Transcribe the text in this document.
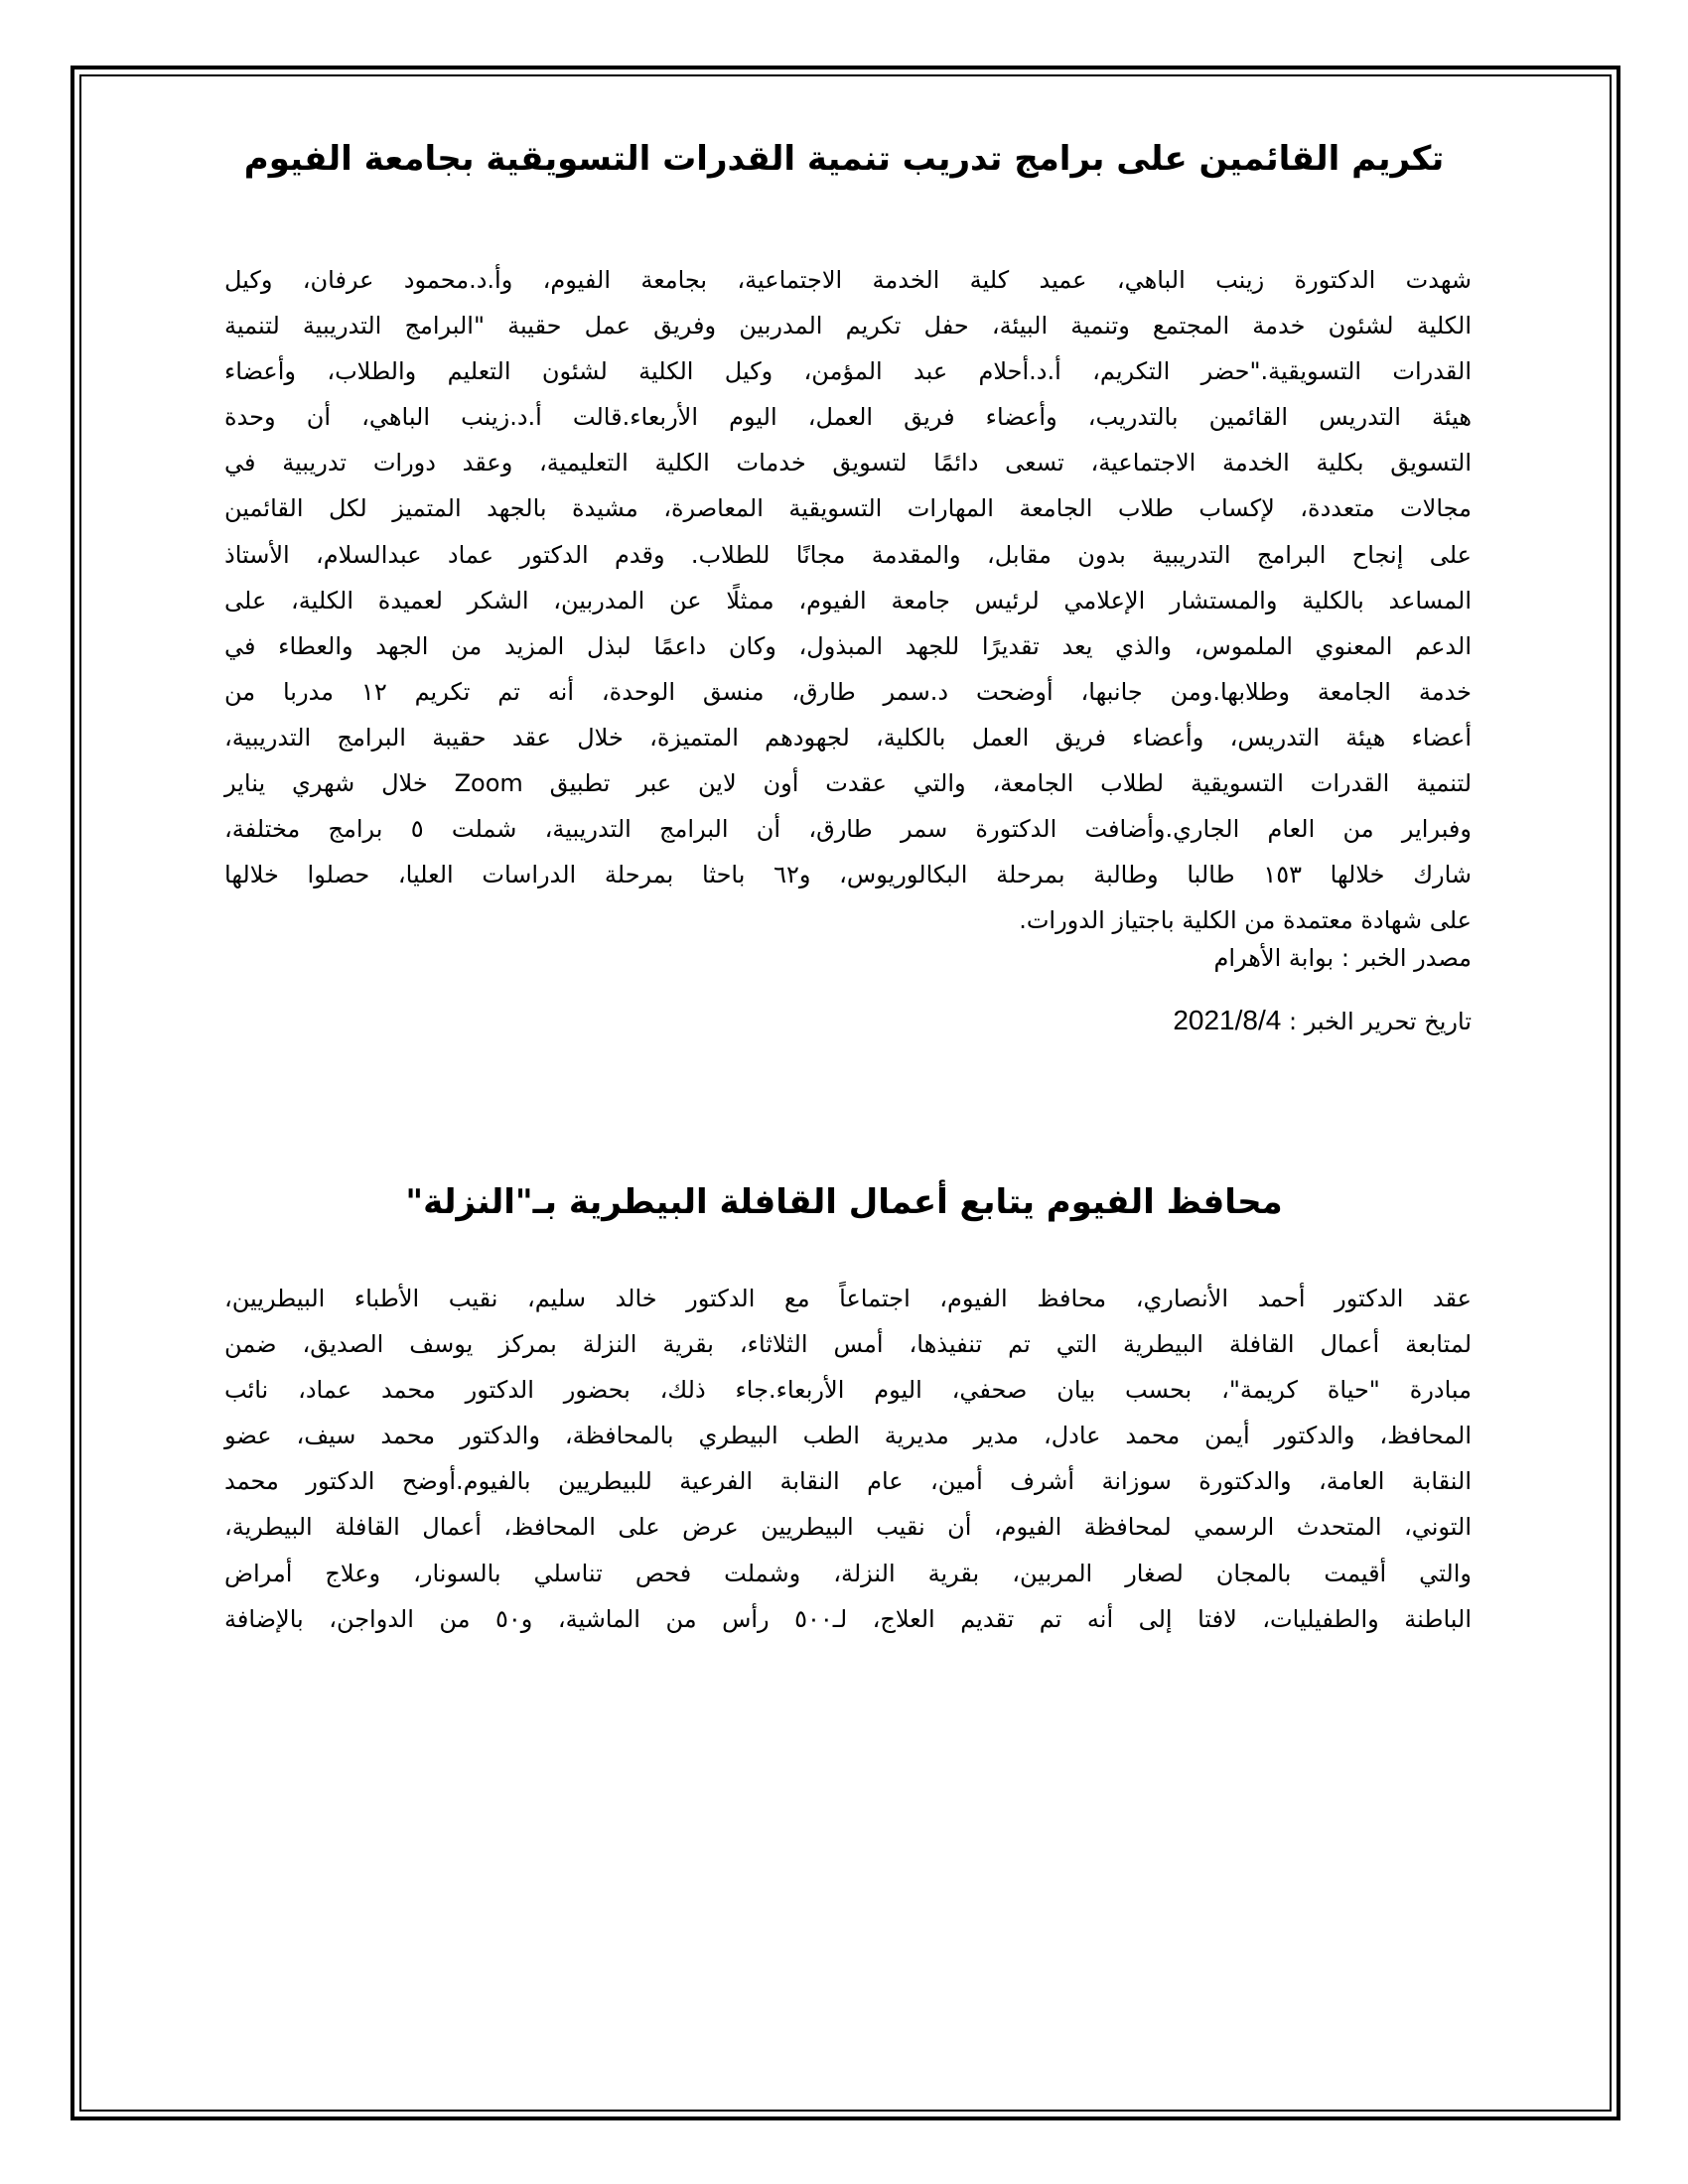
تكريم القائمين على برامج تدريب تنمية القدرات التسويقية بجامعة الفيوم
شهدت الدكتورة زينب الباهي، عميد كلية الخدمة الاجتماعية، بجامعة الفيوم، وأ.د.محمود عرفان، وكيل
الكلية لشئون خدمة المجتمع وتنمية البيئة، حفل تكريم المدربين وفريق عمل حقيبة "البرامج التدريبية لتنمية
القدرات التسويقية."حضر التكريم، أ.د.أحلام عبد المؤمن، وكيل الكلية لشئون التعليم والطلاب، وأعضاء
هيئة التدريس القائمين بالتدريب، وأعضاء فريق العمل، اليوم الأربعاء.قالت أ.د.زينب الباهي، أن وحدة
التسويق بكلية الخدمة الاجتماعية، تسعى دائمًا لتسويق خدمات الكلية التعليمية، وعقد دورات تدريبية في
مجالات متعددة، لإكساب طلاب الجامعة المهارات التسويقية المعاصرة، مشيدة بالجهد المتميز لكل القائمين
على إنجاح البرامج التدريبية بدون مقابل، والمقدمة مجانًا للطلاب. وقدم الدكتور عماد عبدالسلام، الأستاذ
المساعد بالكلية والمستشار الإعلامي لرئيس جامعة الفيوم، ممثلًا عن المدربين، الشكر لعميدة الكلية، على
الدعم المعنوي الملموس، والذي يعد تقديرًا للجهد المبذول، وكان داعمًا لبذل المزيد من الجهد والعطاء في
خدمة الجامعة وطلابها.ومن جانبها، أوضحت د.سمر طارق، منسق الوحدة، أنه تم تكريم ١٢ مدربا من
أعضاء هيئة التدريس، وأعضاء فريق العمل بالكلية، لجهودهم المتميزة، خلال عقد حقيبة البرامج التدريبية،
لتنمية القدرات التسويقية لطلاب الجامعة، والتي عقدت أون لاين عبر تطبيق Zoom خلال شهري يناير
وفبراير من العام الجاري.وأضافت الدكتورة سمر طارق، أن البرامج التدريبية، شملت ٥ برامج مختلفة،
شارك خلالها ١٥٣ طالبا وطالبة بمرحلة البكالوريوس، و٦٢ باحثا بمرحلة الدراسات العليا، حصلوا خلالها
على شهادة معتمدة من الكلية باجتياز الدورات.

مصدر الخبر : بوابة الأهرام

تاريخ تحرير الخبر : 2021/8/4

محافظ الفيوم يتابع أعمال القافلة البيطرية بـ"النزلة"
عقد الدكتور أحمد الأنصاري، محافظ الفيوم، اجتماعاً مع الدكتور خالد سليم، نقيب الأطباء البيطريين،
لمتابعة أعمال القافلة البيطرية التي تم تنفيذها، أمس الثلاثاء، بقرية النزلة بمركز يوسف الصديق، ضمن
مبادرة "حياة كريمة"، بحسب بيان صحفي، اليوم الأربعاء.جاء ذلك، بحضور الدكتور محمد عماد، نائب
المحافظ، والدكتور أيمن محمد عادل، مدير مديرية الطب البيطري بالمحافظة، والدكتور محمد سيف، عضو
النقابة العامة، والدكتورة سوزانة أشرف أمين، عام النقابة الفرعية للبيطريين بالفيوم.أوضح الدكتور محمد
التوني، المتحدث الرسمي لمحافظة الفيوم، أن نقيب البيطريين عرض على المحافظ، أعمال القافلة البيطرية،
والتي أقيمت بالمجان لصغار المربين، بقرية النزلة، وشملت فحص تناسلي بالسونار، وعلاج أمراض
الباطنة والطفيليات، لافتا إلى أنه تم تقديم العلاج، لـ٥٠٠ رأس من الماشية، و٥٠ من الدواجن، بالإضافة
